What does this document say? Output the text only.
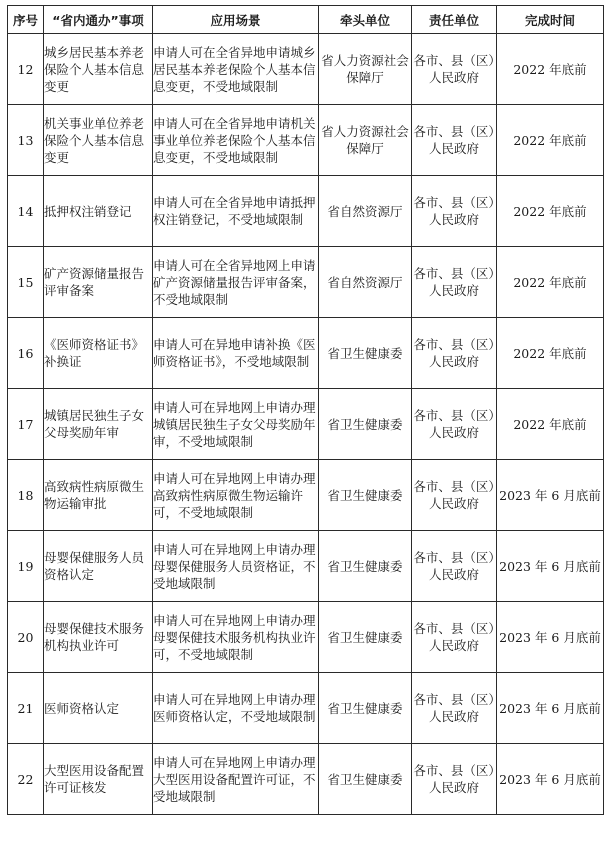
序号	“省内通办”事项	应用场景	牵头单位	责任单位	完成时间
12	城乡居民基本养老保险个人基本信息变更	申请人可在全省异地申请城乡居民基本养老保险个人基本信息变更，不受地域限制	省人力资源社会保障厅	各市、县（区）人民政府	2022 年底前
13	机关事业单位养老保险个人基本信息变更	申请人可在全省异地申请机关事业单位养老保险个人基本信息变更，不受地域限制	省人力资源社会保障厅	各市、县（区）人民政府	2022 年底前
14	抵押权注销登记	申请人可在全省异地申请抵押权注销登记，不受地域限制	省自然资源厅	各市、县（区）人民政府	2022 年底前
15	矿产资源储量报告评审备案	申请人可在全省异地网上申请矿产资源储量报告评审备案，不受地域限制	省自然资源厅	各市、县（区）人民政府	2022 年底前
16	《医师资格证书》补换证	申请人可在异地申请补换《医师资格证书》，不受地域限制	省卫生健康委	各市、县（区）人民政府	2022 年底前
17	城镇居民独生子女父母奖励年审	申请人可在异地网上申请办理城镇居民独生子女父母奖励年审，不受地域限制	省卫生健康委	各市、县（区）人民政府	2022 年底前
18	高致病性病原微生物运输审批	申请人可在异地网上申请办理高致病性病原微生物运输许可，不受地域限制	省卫生健康委	各市、县（区）人民政府	2023 年 6 月底前
19	母婴保健服务人员资格认定	申请人可在异地网上申请办理母婴保健服务人员资格证，不受地域限制	省卫生健康委	各市、县（区）人民政府	2023 年 6 月底前
20	母婴保健技术服务机构执业许可	申请人可在异地网上申请办理母婴保健技术服务机构执业许可，不受地域限制	省卫生健康委	各市、县（区）人民政府	2023 年 6 月底前
21	医师资格认定	申请人可在异地网上申请办理医师资格认定，不受地域限制	省卫生健康委	各市、县（区）人民政府	2023 年 6 月底前
22	大型医用设备配置许可证核发	申请人可在异地网上申请办理大型医用设备配置许可证，不受地域限制	省卫生健康委	各市、县（区）人民政府	2023 年 6 月底前
